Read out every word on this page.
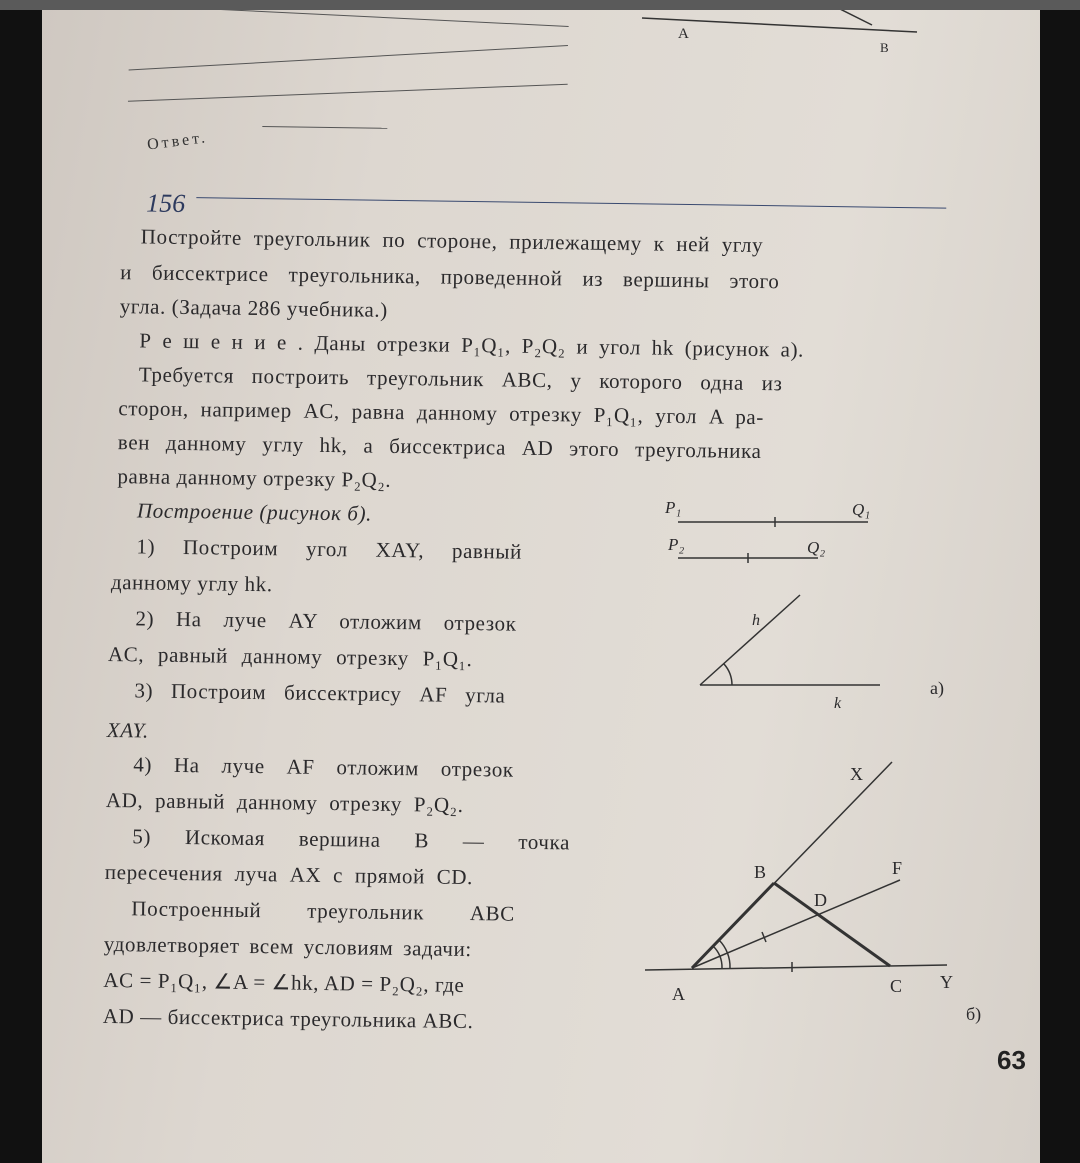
Ответ.
156
Постройте треугольник по стороне, прилежащему к ней углу
и биссектрисе треугольника, проведенной из вершины этого
угла. (Задача 286 учебника.)
Р е ш е н и е . Даны отрезки P₁Q₁, P₂Q₂ и угол hk (рисунок а).
Требуется построить треугольник ABC, у которого одна из
сторон, например AC, равна данному отрезку P₁Q₁, угол A ра-
вен данному углу hk, а биссектриса AD этого треугольника
равна данному отрезку P₂Q₂.
Построение (рисунок б).
1) Построим угол XAY, равный
данному углу hk.
2) На луче AY отложим отрезок
AC, равный данному отрезку P₁Q₁.
3) Построим биссектрису AF угла
XAY.
4) На луче AF отложим отрезок
AD, равный данному отрезку P₂Q₂.
5) Искомая вершина B — точка
пересечения луча AX с прямой CD.
Построенный треугольник ABC
удовлетворяет всем условиям задачи:
AC = P₁Q₁, ∠A = ∠hk, AD = P₂Q₂, где
AD — биссектриса треугольника ABC.
A
B
P₁	Q₁
P₂	Q₂
h
k
а)
X
B	F
D
A	C Y
б)
63
